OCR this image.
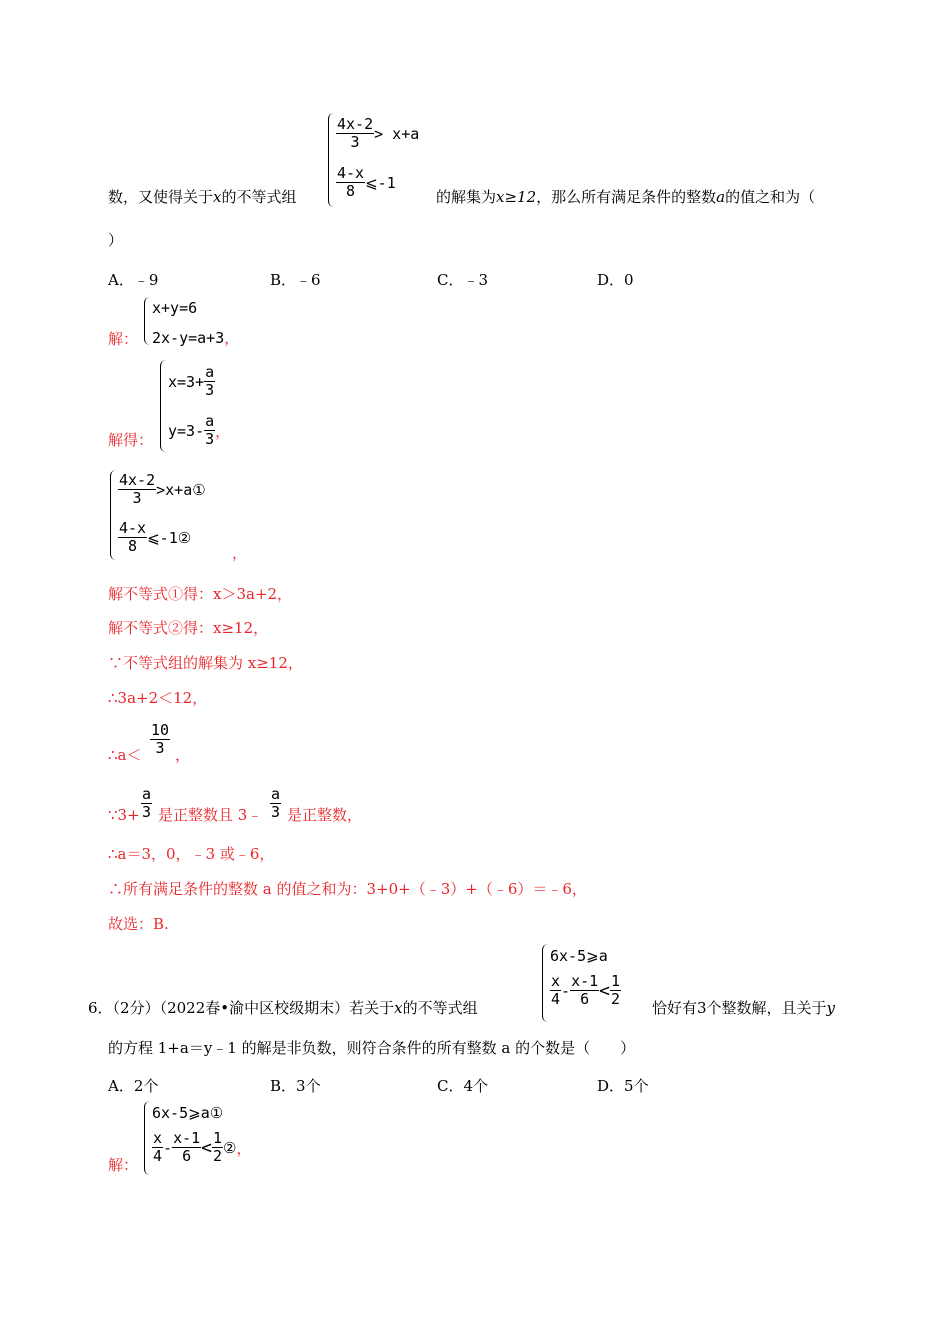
$\frac{4x-2}{3} > x+a$
$\frac{4-x}{8}$ ⩽-1
数，又使得关于x的不等式组	的解集为x≥12，那么所有满足条件的整数a的值之和为（
）
A．﹣9	B．﹣6	C．﹣3	D．0
解：
x+y=6
2x-y=a+3，
解得：
$x=3+ \frac{a}{3}$
$y=3- \frac{a}{3}$ ，
$\frac{4x-2}{3}$ >x+a①
$\frac{4-x}{8}$ ⩽-1②
，
解不等式①得：x＞3a+2，
解不等式②得：x≥12，
∵不等式组的解集为 x≥12，
∴3a+2＜12，
∴a＜ $\frac{10}{3}$ ，
∵3+ $\frac{a}{3}$ 是正整数且 3﹣ $\frac{a}{3}$ 是正整数，
∴a＝3，0，﹣3 或﹣6，
∴所有满足条件的整数 a 的值之和为：3+0+（﹣3）+（﹣6）＝﹣6，
故选：B.
6x-5⩾a
$\frac{x}{4} - \frac{x-1}{6} < \frac{1}{2}$
6．（2分）（2022春•渝中区校级期末）若关于x的不等式组	恰好有3个整数解，且关于y
的方程 1+a＝y﹣1 的解是非负数，则符合条件的所有整数 a 的个数是（　　）
A．2个	B．3个	C．4个	D．5个
解：
6x-5⩾a①
$\frac{x}{4} - \frac{x-1}{6} < \frac{1}{2}$ ②，
